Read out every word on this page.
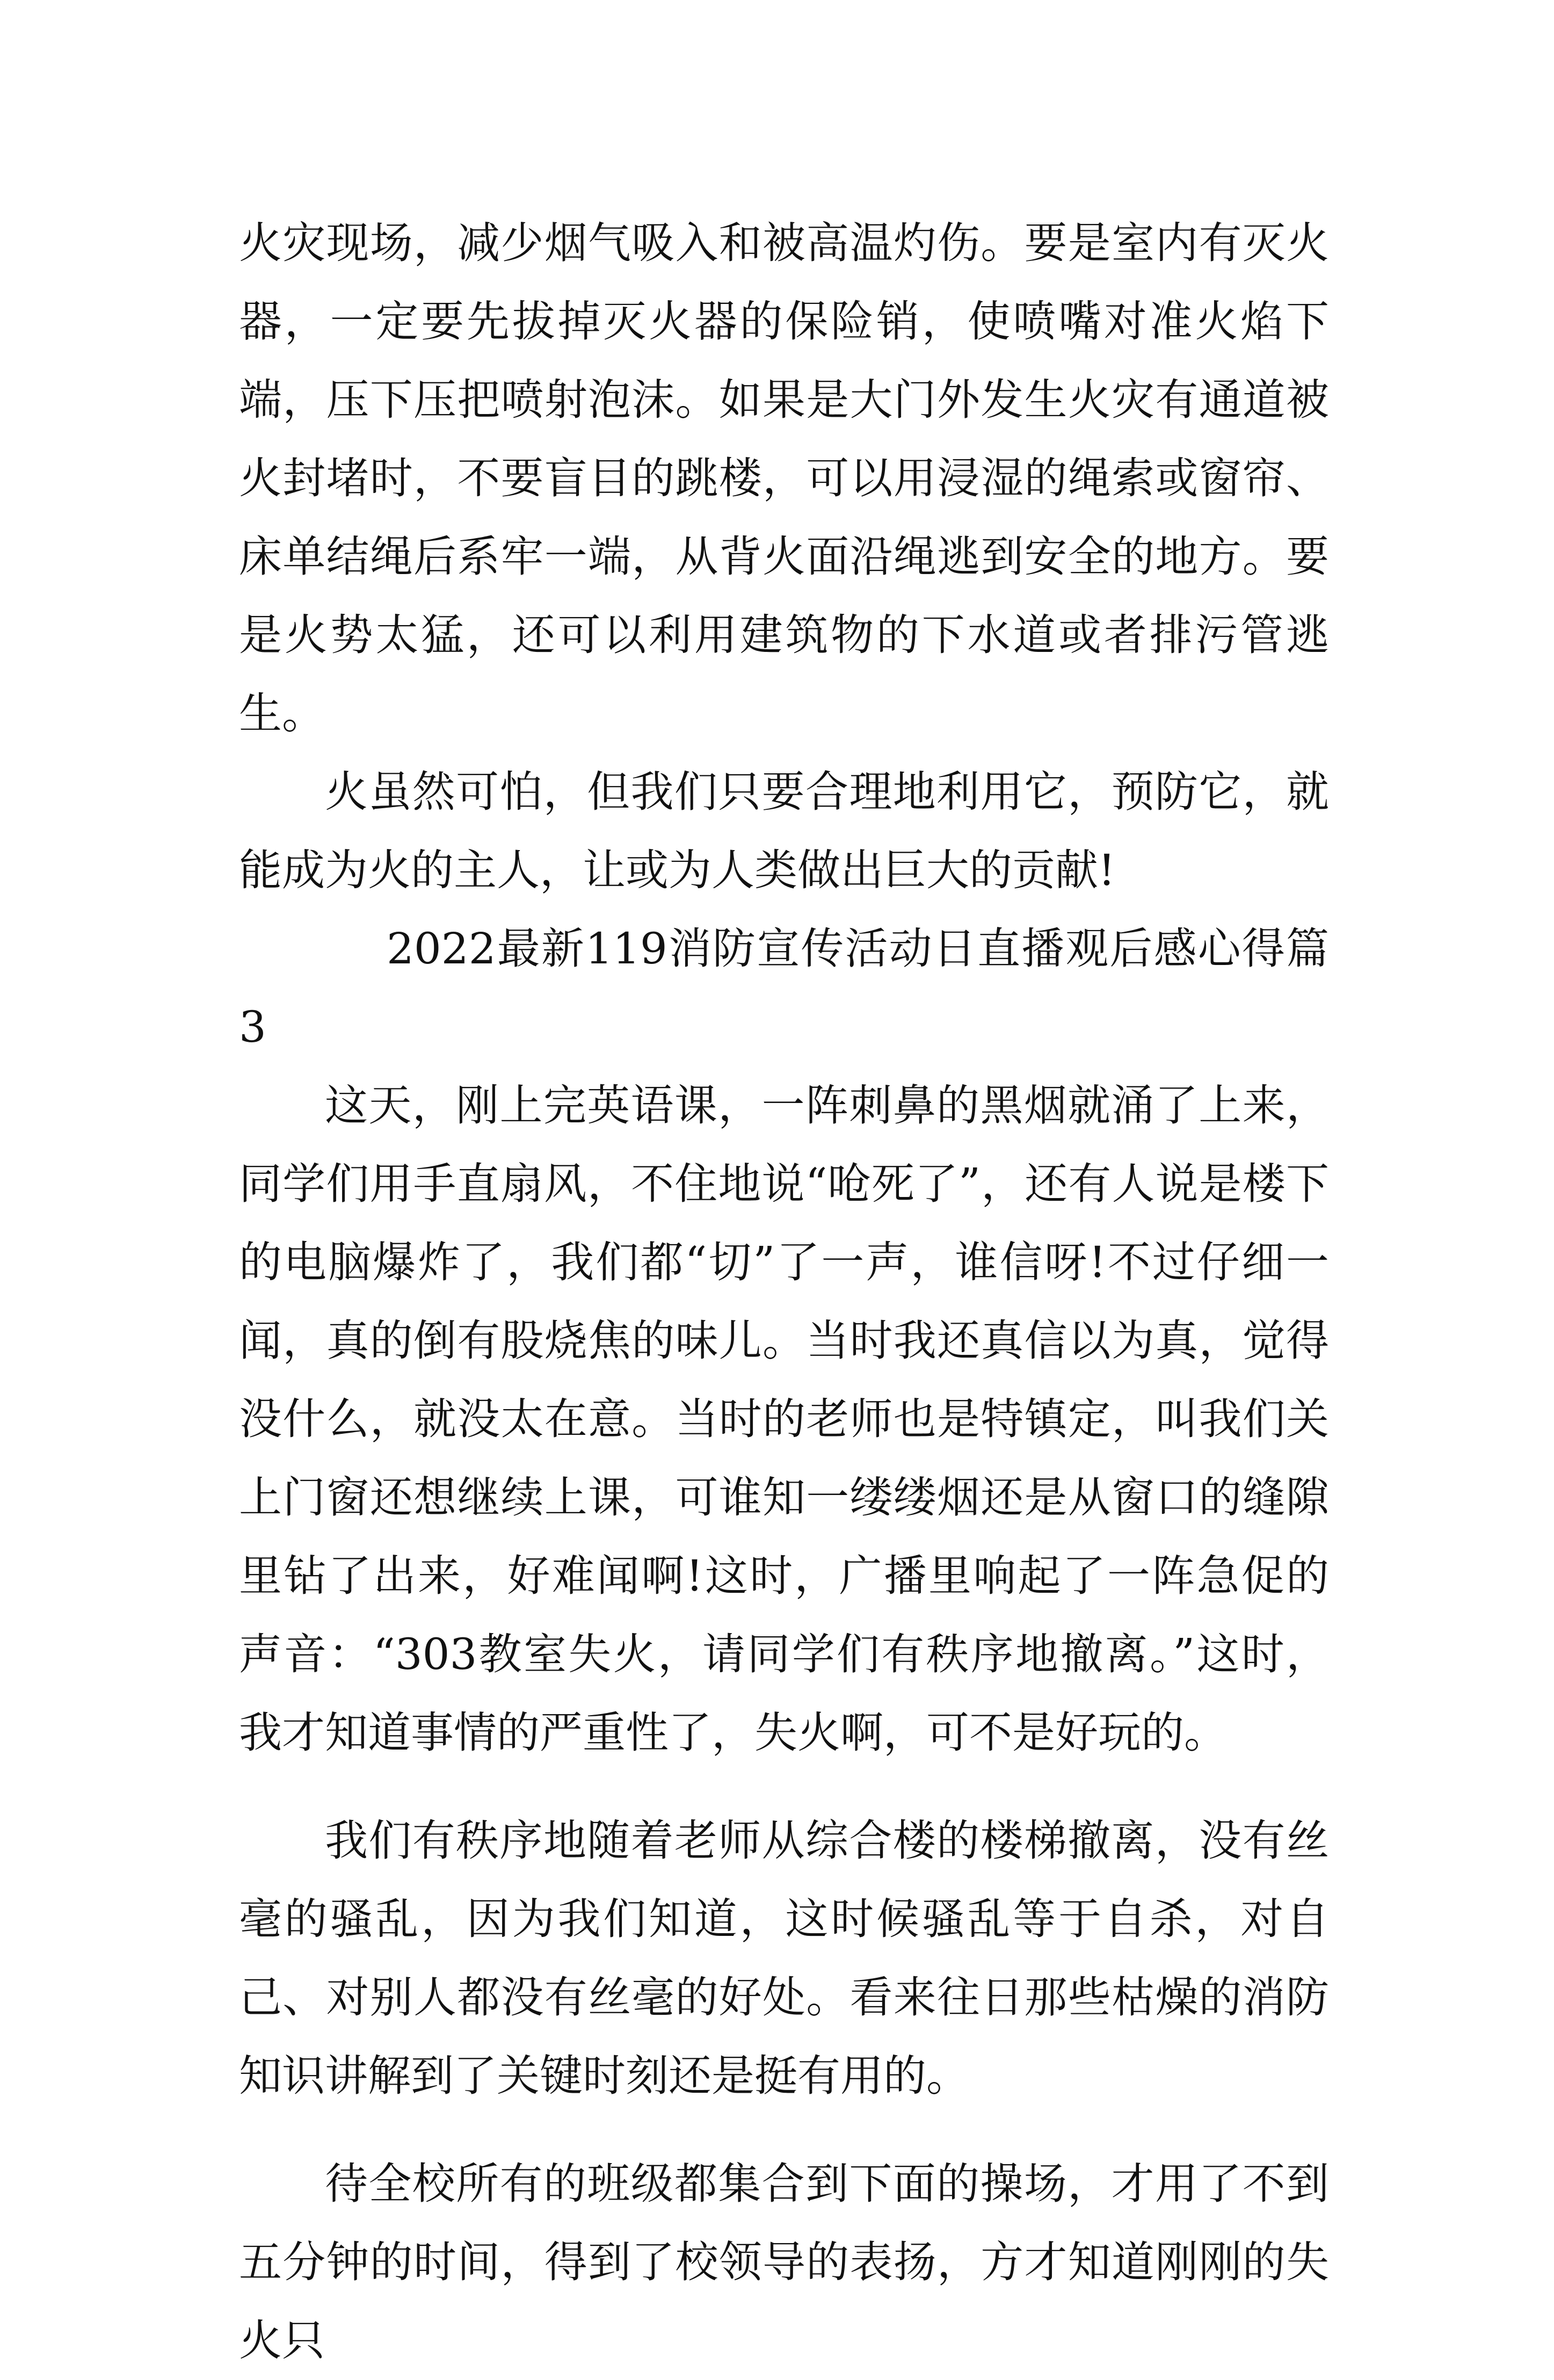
火灾现场，减少烟气吸入和被高温灼伤。要是室内有灭火器，一定要先拔掉灭火器的保险销，使喷嘴对准火焰下端，压下压把喷射泡沫。如果是大门外发生火灾有通道被火封堵时，不要盲目的跳楼，可以用浸湿的绳索或窗帘、床单结绳后系牢一端，从背火面沿绳逃到安全的地方。要是火势太猛，还可以利用建筑物的下水道或者排污管逃生。

火虽然可怕，但我们只要合理地利用它，预防它，就能成为火的主人，让或为人类做出巨大的贡献!

2022最新119消防宣传活动日直播观后感心得篇3

这天，刚上完英语课，一阵刺鼻的黑烟就涌了上来，同学们用手直扇风，不住地说“呛死了”，还有人说是楼下的电脑爆炸了，我们都“切”了一声，谁信呀!不过仔细一闻，真的倒有股烧焦的味儿。当时我还真信以为真，觉得没什么，就没太在意。当时的老师也是特镇定，叫我们关上门窗还想继续上课，可谁知一缕缕烟还是从窗口的缝隙里钻了出来，好难闻啊!这时，广播里响起了一阵急促的声音：“303教室失火，请同学们有秩序地撤离。”这时，我才知道事情的严重性了，失火啊，可不是好玩的。

我们有秩序地随着老师从综合楼的楼梯撤离，没有丝毫的骚乱，因为我们知道，这时候骚乱等于自杀，对自己、对别人都没有丝毫的好处。看来往日那些枯燥的消防知识讲解到了关键时刻还是挺有用的。

待全校所有的班级都集合到下面的操场，才用了不到五分钟的时间，得到了校领导的表扬，方才知道刚刚的失火只
